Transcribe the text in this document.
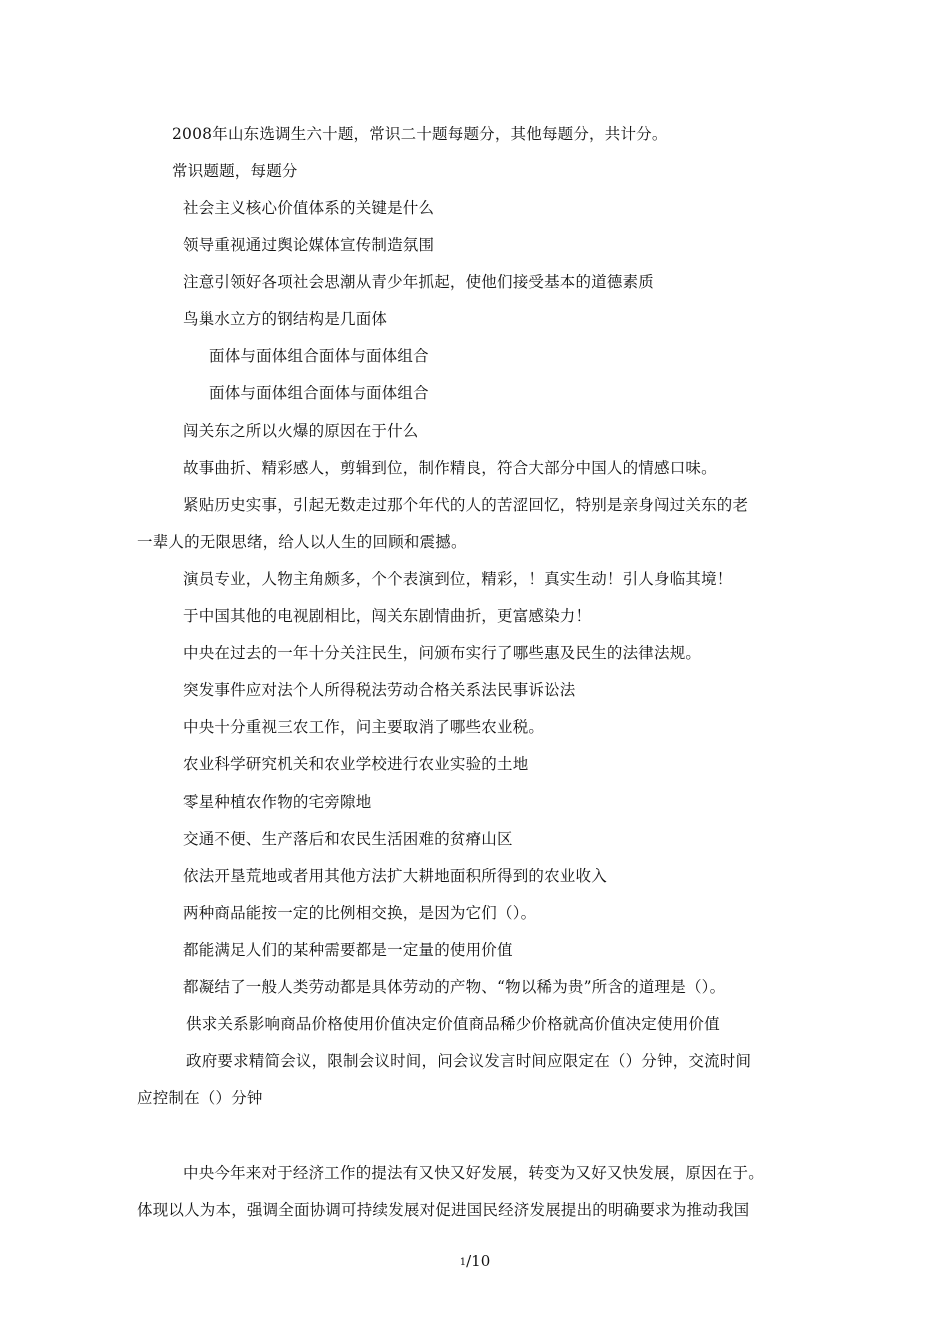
2008年山东选调生六十题，常识二十题每题分，其他每题分，共计分。
常识题题，每题分
社会主义核心价值体系的关键是什么
领导重视通过舆论媒体宣传制造氛围
注意引领好各项社会思潮从青少年抓起，使他们接受基本的道德素质
鸟巢水立方的钢结构是几面体
面体与面体组合面体与面体组合
面体与面体组合面体与面体组合
闯关东之所以火爆的原因在于什么
故事曲折、精彩感人，剪辑到位，制作精良，符合大部分中国人的情感口味。
紧贴历史实事，引起无数走过那个年代的人的苦涩回忆，特别是亲身闯过关东的老
一辈人的无限思绪，给人以人生的回顾和震撼。
演员专业，人物主角颇多，个个表演到位，精彩，！真实生动！引人身临其境！
于中国其他的电视剧相比，闯关东剧情曲折，更富感染力！
中央在过去的一年十分关注民生，问颁布实行了哪些惠及民生的法律法规。
突发事件应对法个人所得税法劳动合格关系法民事诉讼法
中央十分重视三农工作，问主要取消了哪些农业税。
农业科学研究机关和农业学校进行农业实验的土地
零星种植农作物的宅旁隙地
交通不便、生产落后和农民生活困难的贫瘠山区
依法开垦荒地或者用其他方法扩大耕地面积所得到的农业收入
两种商品能按一定的比例相交换，是因为它们（）。
都能满足人们的某种需要都是一定量的使用价值
都凝结了一般人类劳动都是具体劳动的产物、“物以稀为贵”所含的道理是（）。
供求关系影响商品价格使用价值决定价值商品稀少价格就高价值决定使用价值
政府要求精简会议，限制会议时间，问会议发言时间应限定在（）分钟，交流时间
应控制在（）分钟
中央今年来对于经济工作的提法有又快又好发展，转变为又好又快发展，原因在于。
体现以人为本，强调全面协调可持续发展对促进国民经济发展提出的明确要求为推动我国
1/10
